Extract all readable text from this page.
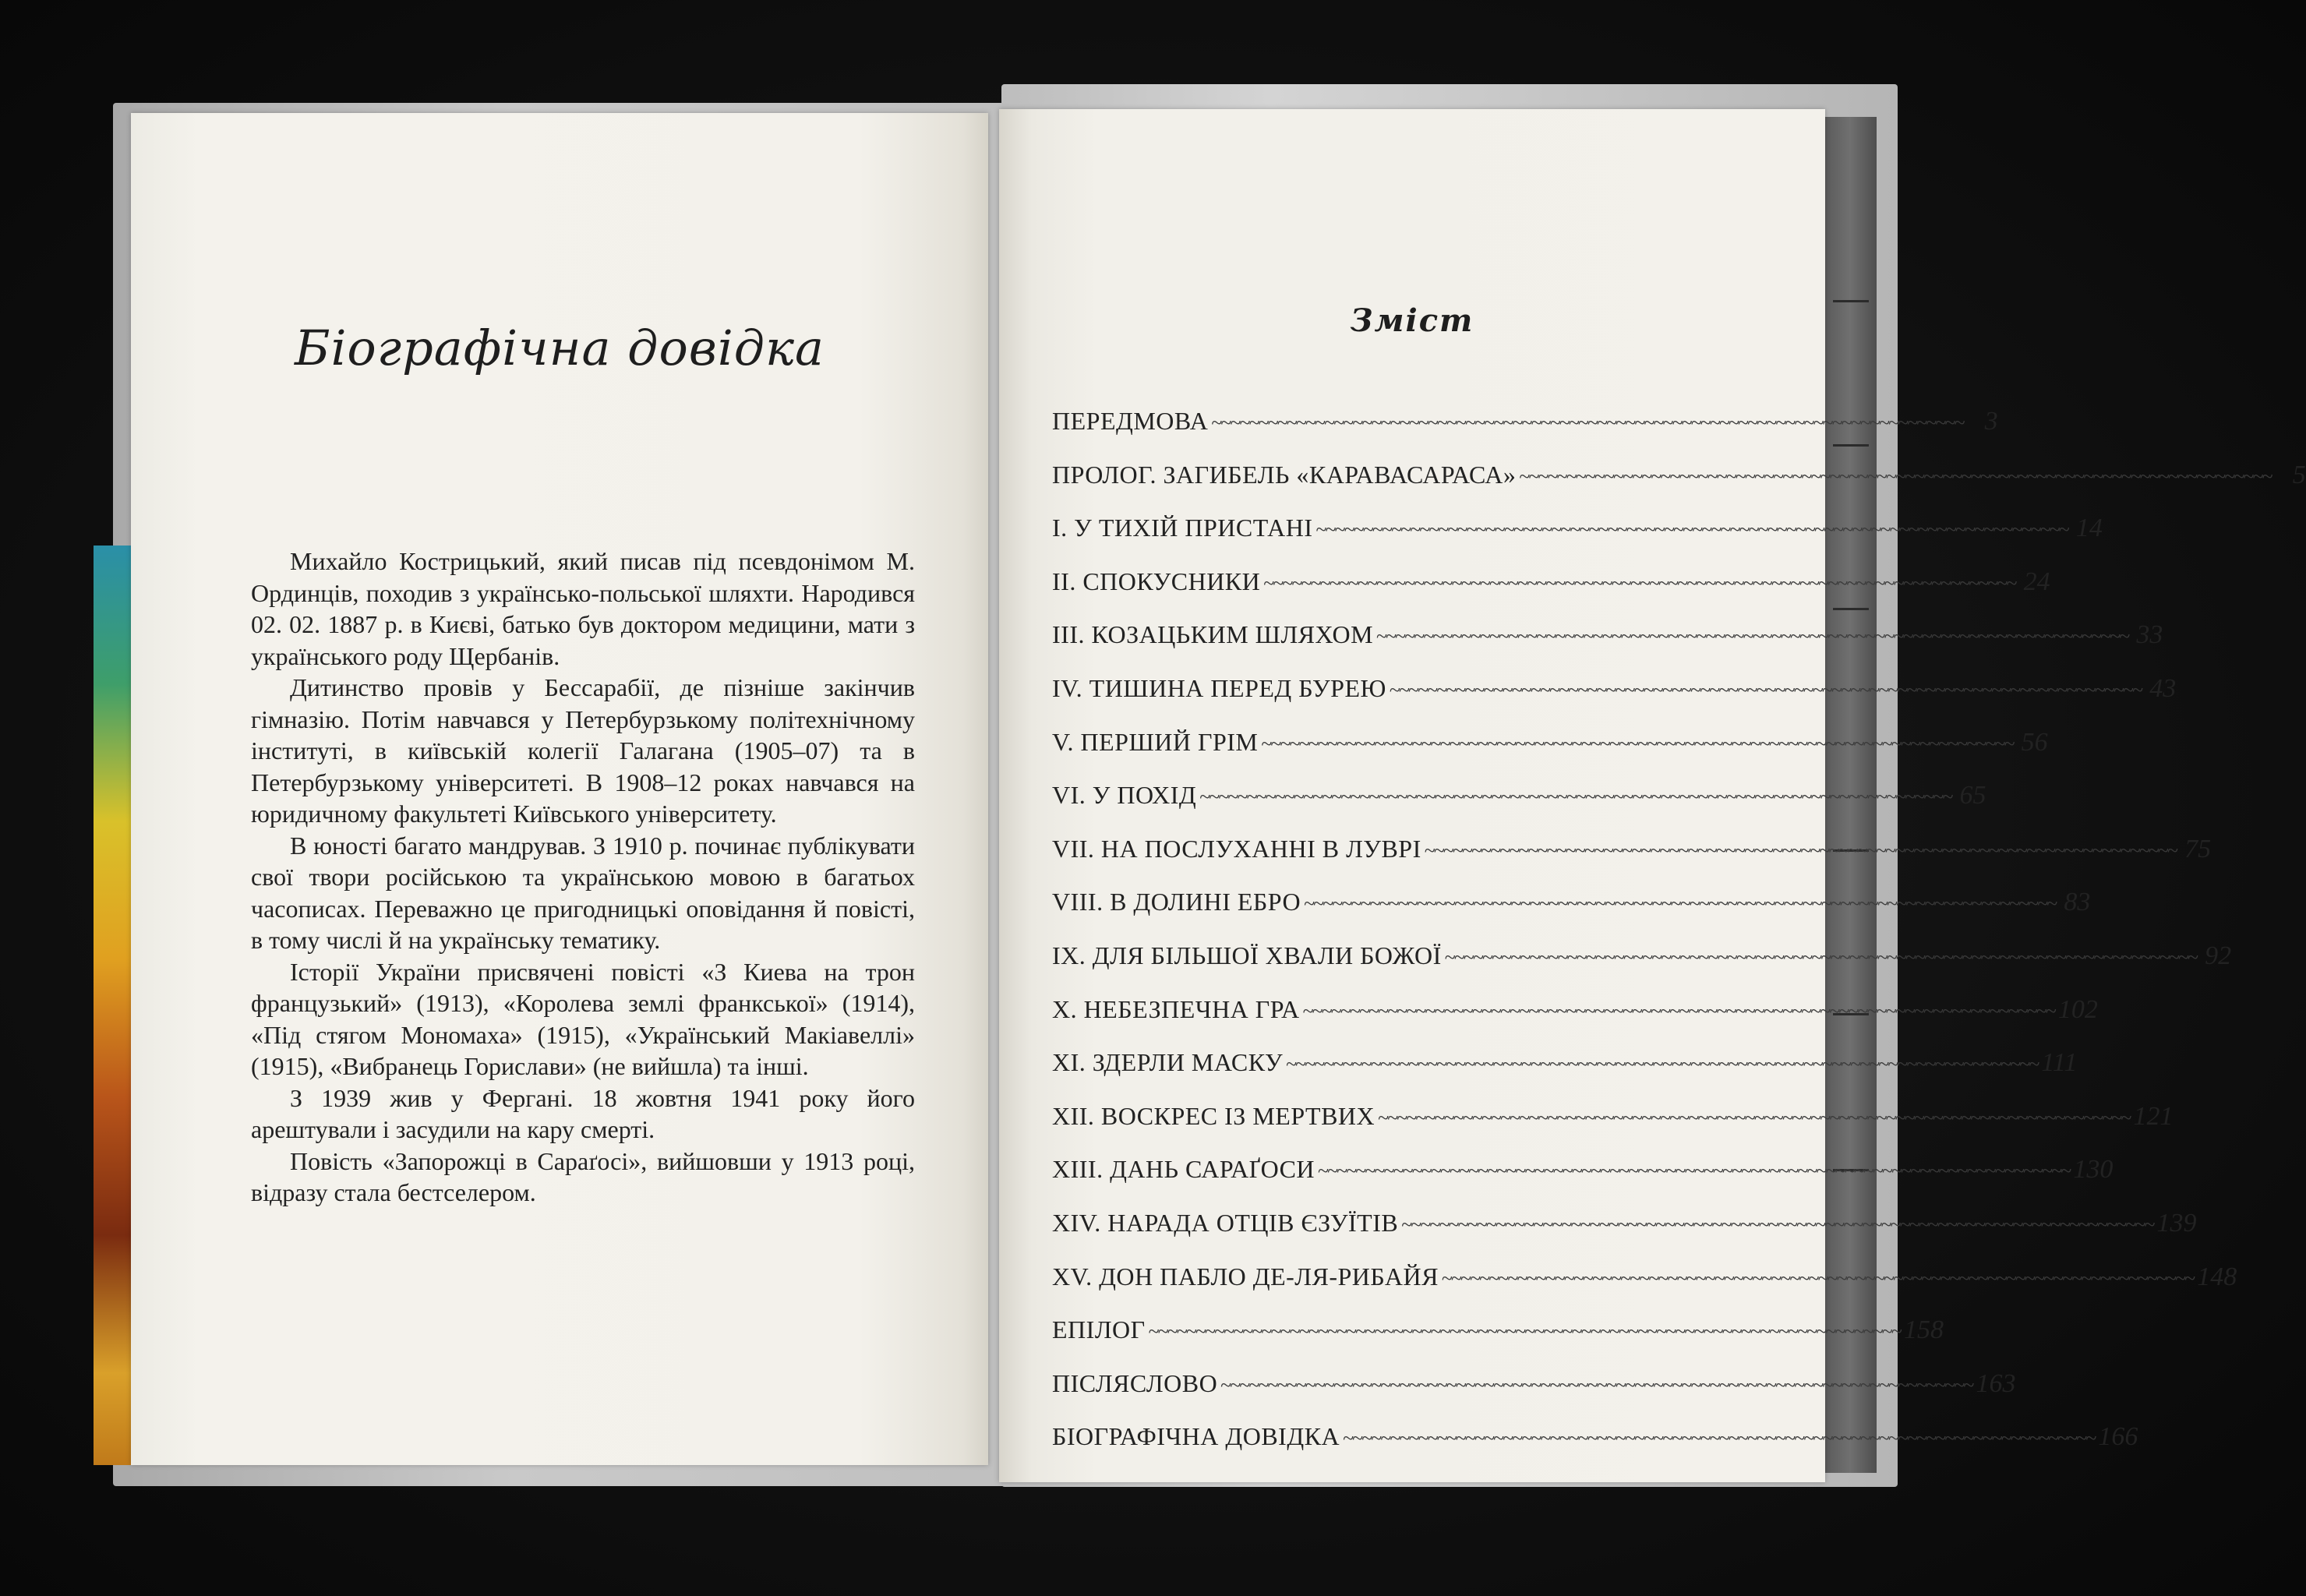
Біографічна довідка

Михайло Кострицький, який писав під псевдонімом М. Ординців, походив з українсько-польської шляхти. Народився 02. 02. 1887 р. в Києві, батько був доктором медицини, мати з українського роду Щербанів.

Дитинство провів у Бессарабії, де пізніше закінчив гімназію. Потім навчався у Петербурзькому політехнічному інституті, в київській колегії Галагана (1905–07) та в Петербурзькому університеті. В 1908–12 роках навчався на юридичному факультеті Київського університету.

В юності багато мандрував. З 1910 р. починає публікувати свої твори російською та українською мовою в багатьох часописах. Переважно це пригодницькі оповідання й повісті, в тому числі й на українську тематику.

Історії України присвячені повісті «З Киева на трон французький» (1913), «Королева землі франкської» (1914), «Під стягом Мономаха» (1915), «Український Макіавеллі» (1915), «Вибранець Горислави» (не вийшла) та інші.

З 1939 жив у Фергані. 18 жовтня 1941 року його арештували і засудили на кару смерті.

Повість «Запорожці в Сараґосі», вийшовши у 1913 році, відразу стала бестселером.

Зміст
ПЕРЕДМОВА ~~~~~~~~~~~~~~~~~~~~~~~~~~~~~~~~~~~~~~~~~~~~~~~~~~~~~~~~~~~~~~~~~~~~~~~~~~~~~~~~ 3
ПРОЛОГ. ЗАГИБЕЛЬ «КАРАВАСАРАСА» ~~~~~~~~~~~~~~~~~~~~~~~~~~~~~~~~~~~~~~~~~~~~~~~~~~~~~~~~~~~~~~~~~~~~~~~~~~~~~~~~ 5
І. У ТИХІЙ ПРИСТАНІ ~~~~~~~~~~~~~~~~~~~~~~~~~~~~~~~~~~~~~~~~~~~~~~~~~~~~~~~~~~~~~~~~~~~~~~~~~~~~~~~~ 14
ІІ. СПОКУСНИКИ ~~~~~~~~~~~~~~~~~~~~~~~~~~~~~~~~~~~~~~~~~~~~~~~~~~~~~~~~~~~~~~~~~~~~~~~~~~~~~~~~ 24
ІІІ. КОЗАЦЬКИМ ШЛЯХОМ ~~~~~~~~~~~~~~~~~~~~~~~~~~~~~~~~~~~~~~~~~~~~~~~~~~~~~~~~~~~~~~~~~~~~~~~~~~~~~~~~ 33
IV. ТИШИНА ПЕРЕД БУРЕЮ ~~~~~~~~~~~~~~~~~~~~~~~~~~~~~~~~~~~~~~~~~~~~~~~~~~~~~~~~~~~~~~~~~~~~~~~~~~~~~~~~ 43
V. ПЕРШИЙ ГРІМ ~~~~~~~~~~~~~~~~~~~~~~~~~~~~~~~~~~~~~~~~~~~~~~~~~~~~~~~~~~~~~~~~~~~~~~~~~~~~~~~~ 56
VI. У ПОХІД ~~~~~~~~~~~~~~~~~~~~~~~~~~~~~~~~~~~~~~~~~~~~~~~~~~~~~~~~~~~~~~~~~~~~~~~~~~~~~~~~ 65
VII. НА ПОСЛУХАННІ В ЛУВРІ ~~~~~~~~~~~~~~~~~~~~~~~~~~~~~~~~~~~~~~~~~~~~~~~~~~~~~~~~~~~~~~~~~~~~~~~~~~~~~~~~ 75
VIII. В ДОЛИНІ ЕБРО ~~~~~~~~~~~~~~~~~~~~~~~~~~~~~~~~~~~~~~~~~~~~~~~~~~~~~~~~~~~~~~~~~~~~~~~~~~~~~~~~ 83
IX. ДЛЯ БІЛЬШОЇ ХВАЛИ БОЖОЇ ~~~~~~~~~~~~~~~~~~~~~~~~~~~~~~~~~~~~~~~~~~~~~~~~~~~~~~~~~~~~~~~~~~~~~~~~~~~~~~~~ 92
X. НЕБЕЗПЕЧНА ГРА ~~~~~~~~~~~~~~~~~~~~~~~~~~~~~~~~~~~~~~~~~~~~~~~~~~~~~~~~~~~~~~~~~~~~~~~~~~~~~~~~ 102
XI. ЗДЕРЛИ МАСКУ ~~~~~~~~~~~~~~~~~~~~~~~~~~~~~~~~~~~~~~~~~~~~~~~~~~~~~~~~~~~~~~~~~~~~~~~~~~~~~~~~ 111
XII. ВОСКРЕС ІЗ МЕРТВИХ ~~~~~~~~~~~~~~~~~~~~~~~~~~~~~~~~~~~~~~~~~~~~~~~~~~~~~~~~~~~~~~~~~~~~~~~~~~~~~~~~ 121
XIII. ДАНЬ САРАҐОСИ ~~~~~~~~~~~~~~~~~~~~~~~~~~~~~~~~~~~~~~~~~~~~~~~~~~~~~~~~~~~~~~~~~~~~~~~~~~~~~~~~ 130
XIV. НАРАДА ОТЦІВ ЄЗУЇТІВ ~~~~~~~~~~~~~~~~~~~~~~~~~~~~~~~~~~~~~~~~~~~~~~~~~~~~~~~~~~~~~~~~~~~~~~~~~~~~~~~~ 139
XV. ДОН ПАБЛО ДЕ-ЛЯ-РИБАЙЯ ~~~~~~~~~~~~~~~~~~~~~~~~~~~~~~~~~~~~~~~~~~~~~~~~~~~~~~~~~~~~~~~~~~~~~~~~~~~~~~~~ 148
ЕПІЛОГ ~~~~~~~~~~~~~~~~~~~~~~~~~~~~~~~~~~~~~~~~~~~~~~~~~~~~~~~~~~~~~~~~~~~~~~~~~~~~~~~~ 158
ПІСЛЯСЛОВО ~~~~~~~~~~~~~~~~~~~~~~~~~~~~~~~~~~~~~~~~~~~~~~~~~~~~~~~~~~~~~~~~~~~~~~~~~~~~~~~~ 163
БІОГРАФІЧНА ДОВІДКА ~~~~~~~~~~~~~~~~~~~~~~~~~~~~~~~~~~~~~~~~~~~~~~~~~~~~~~~~~~~~~~~~~~~~~~~~~~~~~~~~ 166
